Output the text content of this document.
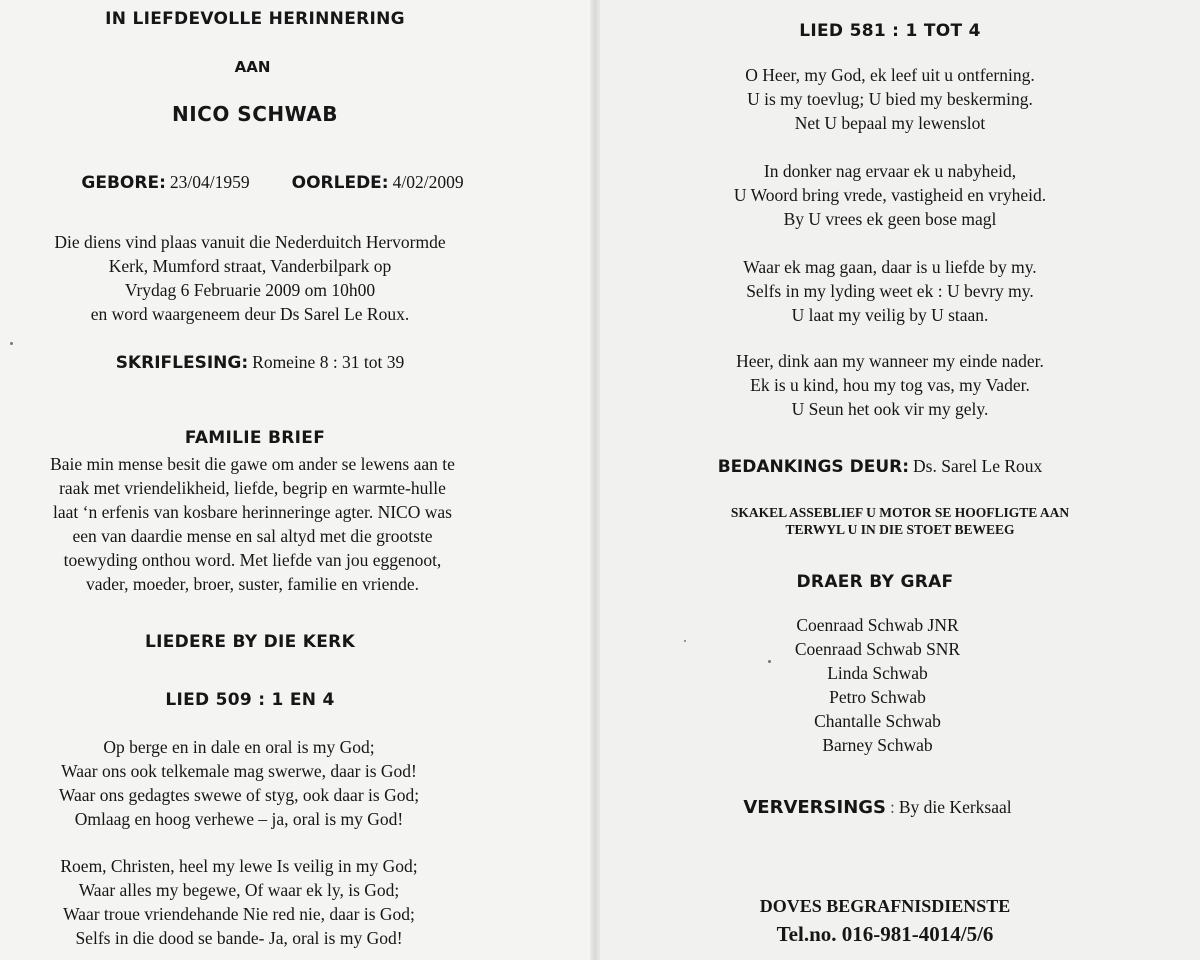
IN LIEFDEVOLLE HERINNERING
AAN
NICO SCHWAB
GEBORE: 23/04/1959 OORLEDE: 4/02/2009
Die diens vind plaas vanuit die Nederduitch Hervormde
Kerk, Mumford straat, Vanderbilpark op
Vrydag 6 Februarie 2009 om 10h00
en word waargeneem deur Ds Sarel Le Roux.
SKRIFLESING: Romeine 8 : 31 tot 39
FAMILIE BRIEF
Baie min mense besit die gawe om ander se lewens aan te
raak met vriendelikheid, liefde, begrip en warmte-hulle
laat ‘n erfenis van kosbare herinneringe agter. NICO was
een van daardie mense en sal altyd met die grootste
toewyding onthou word. Met liefde van jou eggenoot,
vader, moeder, broer, suster, familie en vriende.
LIEDERE BY DIE KERK
LIED 509 : 1 EN 4
Op berge en in dale en oral is my God;
Waar ons ook telkemale mag swerwe, daar is God!
Waar ons gedagtes swewe of styg, ook daar is God;
Omlaag en hoog verhewe – ja, oral is my God!
Roem, Christen, heel my lewe Is veilig in my God;
Waar alles my begewe, Of waar ek ly, is God;
Waar troue vriendehande Nie red nie, daar is God;
Selfs in die dood se bande- Ja, oral is my God!
LIED 581 : 1 TOT 4
O Heer, my God, ek leef uit u ontferning.
U is my toevlug; U bied my beskerming.
Net U bepaal my lewenslot
In donker nag ervaar ek u nabyheid,
U Woord bring vrede, vastigheid en vryheid.
By U vrees ek geen bose magl
Waar ek mag gaan, daar is u liefde by my.
Selfs in my lyding weet ek : U bevry my.
U laat my veilig by U staan.
Heer, dink aan my wanneer my einde nader.
Ek is u kind, hou my tog vas, my Vader.
U Seun het ook vir my gely.
BEDANKINGS DEUR: Ds. Sarel Le Roux
SKAKEL ASSEBLIEF U MOTOR SE HOOFLIGTE AAN
TERWYL U IN DIE STOET BEWEEG
DRAER BY GRAF
Coenraad Schwab JNR
Coenraad Schwab SNR
Linda Schwab
Petro Schwab
Chantalle Schwab
Barney Schwab
VERVERSINGS : By die Kerksaal
DOVES BEGRAFNISDIENSTE
Tel.no. 016-981-4014/5/6
